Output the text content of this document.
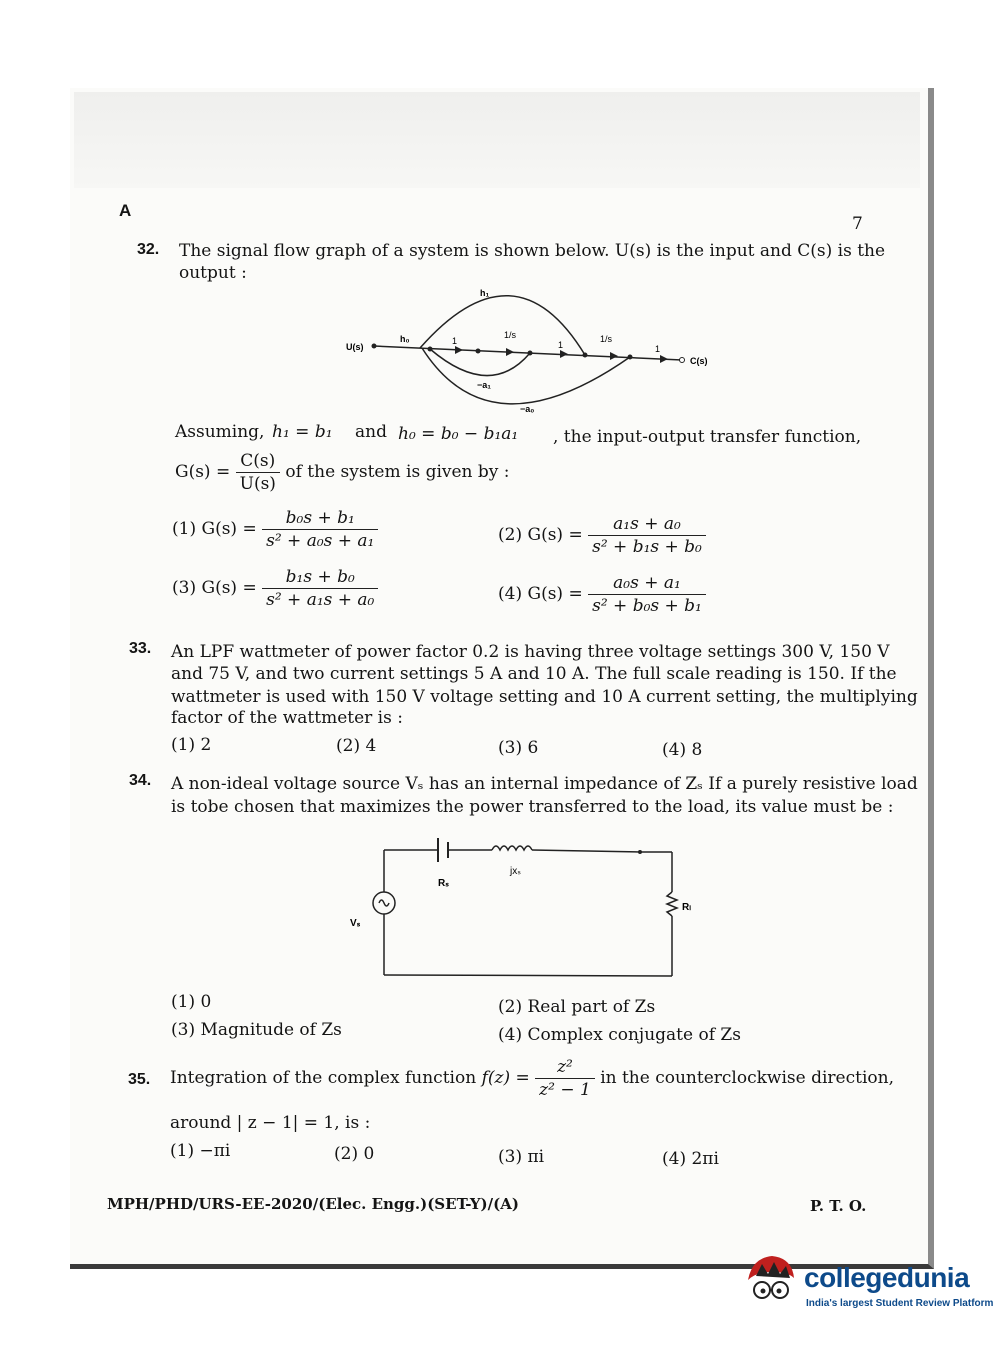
A
7
32. The signal flow graph of a system is shown below. U(s) is the input and C(s) is the
output :
U(s)
C(s)
h₁
h₀	1
1/s
1
1/s
1
−a₁
−a₀
Assuming, h₁ = b₁ and h₀ = b₀ − b₁a₁ , the input-output transfer function,
$G(s) = \frac{C(s)}{U(s)}$ of the system is given by :
(1) $G(s) = \frac{\text{b₀s + b₁}}{\text{s² + a₀s + a₁}}$	(2) $G(s) = \frac{\text{a₁s + a₀}}{\text{s² + b₁s + b₀}}$
(3) $G(s) = \frac{\text{b₁s + b₀}}{\text{s² + a₁s + a₀}}$	(4) $G(s) = \frac{\text{a₀s + a₁}}{\text{s² + b₀s + b₁}}$
33. An LPF wattmeter of power factor 0.2 is having three voltage settings 300 V, 150 V
and 75 V, and two current settings 5 A and 10 A. The full scale reading is 150. If the
wattmeter is used with 150 V voltage setting and 10 A current setting, the multiplying
factor of the wattmeter is :
(1) 2	(2) 4	(3) 6	(4) 8
34. A non-ideal voltage source Vₛ has an internal impedance of Zₛ If a purely resistive load
is tobe chosen that maximizes the power transferred to the load, its value must be :
Rₛ
jxₛ
Vₛ
Rₗ
(1) 0	(2) Real part of Zs
(3) Magnitude of Zs	(4) Complex conjugate of Zs
35. Integration of the complex function $f(z) = \frac{\text{z²}}{\text{z² − 1}}$ in the counterclockwise direction,
around | z − 1| = 1, is :
(1) −πi	(2) 0	(3) πi	(4) 2πi
MPH/PHD/URS-EE-2020/(Elec. Engg.)(SET-Y)/(A)	P. T. O.
collegedunia
India's largest Student Review Platform
